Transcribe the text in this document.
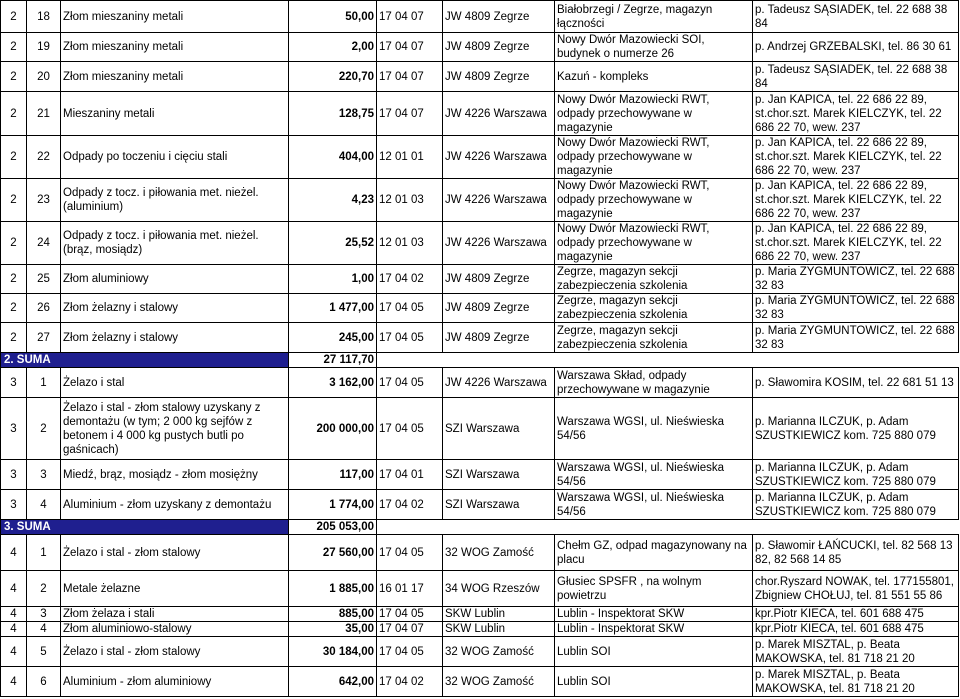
2	18	Złom mieszaniny metali	50,00	17 04 07	JW 4809 Zegrze	Białobrzegi / Zegrze, magazyn łączności	p. Tadeusz SĄSIADEK, tel. 22 688 38 84
2	19	Złom mieszaniny metali	2,00	17 04 07	JW 4809 Zegrze	Nowy Dwór Mazowiecki SOI, budynek o numerze 26	p. Andrzej GRZEBALSKI, tel. 86 30 61
2	20	Złom mieszaniny metali	220,70	17 04 07	JW 4809 Zegrze	Kazuń - kompleks	p. Tadeusz SĄSIADEK, tel. 22 688 38 84
2	21	Mieszaniny metali	128,75	17 04 07	JW 4226 Warszawa	Nowy Dwór Mazowiecki RWT, odpady przechowywane w magazynie	p. Jan KAPICA, tel. 22 686 22 89, st.chor.szt. Marek KIELCZYK, tel. 22 686 22 70, wew. 237
2	22	Odpady po toczeniu i cięciu stali	404,00	12 01 01	JW 4226 Warszawa	Nowy Dwór Mazowiecki RWT, odpady przechowywane w magazynie	p. Jan KAPICA, tel. 22 686 22 89, st.chor.szt. Marek KIELCZYK, tel. 22 686 22 70, wew. 237
2	23	Odpady z tocz. i piłowania met. nieżel.(aluminium)	4,23	12 01 03	JW 4226 Warszawa	Nowy Dwór Mazowiecki RWT, odpady przechowywane w magazynie	p. Jan KAPICA, tel. 22 686 22 89, st.chor.szt. Marek KIELCZYK, tel. 22 686 22 70, wew. 237
2	24	Odpady z tocz. i piłowania met. nieżel.(brąz, mosiądz)	25,52	12 01 03	JW 4226 Warszawa	Nowy Dwór Mazowiecki RWT, odpady przechowywane w magazynie	p. Jan KAPICA, tel. 22 686 22 89, st.chor.szt. Marek KIELCZYK, tel. 22 686 22 70, wew. 237
2	25	Złom aluminiowy	1,00	17 04 02	JW 4809 Zegrze	Zegrze, magazyn sekcji zabezpieczenia szkolenia	p. Maria ZYGMUNTOWICZ, tel. 22 688 32 83
2	26	Złom żelazny i stalowy	1 477,00	17 04 05	JW 4809 Zegrze	Zegrze, magazyn sekcji zabezpieczenia szkolenia	p. Maria ZYGMUNTOWICZ, tel. 22 688 32 83
2	27	Złom żelazny i stalowy	245,00	17 04 05	JW 4809 Zegrze	Zegrze, magazyn sekcji zabezpieczenia szkolenia	p. Maria ZYGMUNTOWICZ, tel. 22 688 32 83
2. SUMA			27 117,70				
3	1	Żelazo i stal	3 162,00	17 04 05	JW 4226 Warszawa	Warszawa Skład, odpady przechowywane w magazynie	p. Sławomira KOSIM, tel. 22 681 51 13
3	2	Żelazo i stal - złom stalowy uzyskany z demontażu (w tym; 2 000 kg sejfów z betonem i 4 000 kg pustych butli po gaśnicach)	200 000,00	17 04 05	SZI Warszawa	Warszawa WGSI, ul. Nieświeska 54/56	p. Marianna ILCZUK, p. Adam SZUSTKIEWICZ kom. 725 880 079
3	3	Miedź, brąz, mosiądz - złom mosiężny	117,00	17 04 01	SZI Warszawa	Warszawa WGSI, ul. Nieświeska 54/56	p. Marianna ILCZUK, p. Adam SZUSTKIEWICZ kom. 725 880 079
3	4	Aluminium - złom uzyskany z demontażu	1 774,00	17 04 02	SZI Warszawa	Warszawa WGSI, ul. Nieświeska 54/56	p. Marianna ILCZUK, p. Adam SZUSTKIEWICZ kom. 725 880 079
3. SUMA			205 053,00				
4	1	Żelazo i stal - złom stalowy	27 560,00	17 04 05	32 WOG Zamość	Chełm GZ, odpad magazynowany na placu	p. Sławomir ŁAŃCUCKI, tel. 82 568 13 82, 82 568 14 85
4	2	Metale żelazne	1 885,00	16 01 17	34 WOG Rzeszów	Głusiec SPSFR , na wolnym powietrzu	chor.Ryszard NOWAK, tel. 177155801, Zbigniew CHOŁUJ, tel. 81 551 55 86
4	3	Złom żelaza i stali	885,00	17 04 05	SKW Lublin	Lublin - Inspektorat SKW	kpr.Piotr KIECA, tel. 601 688 475
4	4	Złom aluminiowo-stalowy	35,00	17 04 07	SKW Lublin	Lublin - Inspektorat SKW	kpr.Piotr KIECA, tel. 601 688 475
4	5	Żelazo i stal - złom stalowy	30 184,00	17 04 05	32 WOG Zamość	Lublin SOI	p. Marek MISZTAL, p. Beata MAKOWSKA, tel. 81 718 21 20
4	6	Aluminium - złom aluminiowy	642,00	17 04 02	32 WOG Zamość	Lublin SOI	p. Marek MISZTAL, p. Beata MAKOWSKA, tel. 81 718 21 20
